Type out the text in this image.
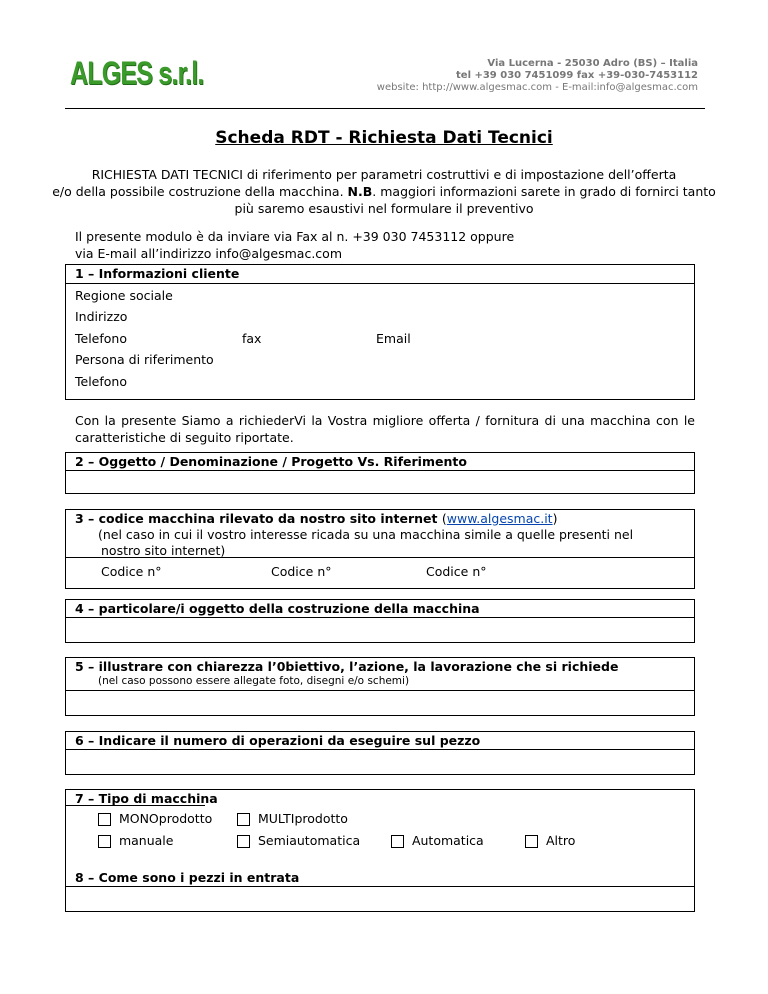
ALGES s.r.l.	Via Lucerna - 25030 Adro (BS) – Italia
tel +39 030 7451099 fax +39-030-7453112
website: http://www.algesmac.com - E-mail:info@algesmac.com
Scheda RDT - Richiesta Dati Tecnici
RICHIESTA DATI TECNICI di riferimento per parametri costruttivi e di impostazione dell’offerta
e/o della possibile costruzione della macchina. N.B. maggiori informazioni sarete in grado di fornirci tanto
più saremo esaustivi nel formulare il preventivo
Il presente modulo è da inviare via Fax al n. +39 030 7453112 oppure
via E-mail all’indirizzo info@algesmac.com
1 – Informazioni cliente
Regione sociale
Indirizzo
Telefono	fax	Email
Persona di riferimento
Telefono
Con la presente Siamo a richiederVi la Vostra migliore offerta / fornitura di una macchina con le caratteristiche di seguito riportate.
2 – Oggetto / Denominazione / Progetto Vs. Riferimento
3 – codice macchina rilevato da nostro sito internet (www.algesmac.it)
(nel caso in cui il vostro interesse ricada su una macchina simile a quelle presenti nel
nostro sito internet)
Codice n°	Codice n°	Codice n°
4 – particolare/i oggetto della costruzione della macchina
5 – illustrare con chiarezza l’0biettivo, l’azione, la lavorazione che si richiede
(nel caso possono essere allegate foto, disegni e/o schemi)
6 – Indicare il numero di operazioni da eseguire sul pezzo
7 – Tipo di macchina
MONOprodotto	MULTIprodotto
manuale	Semiautomatica	Automatica	Altro
8 – Come sono i pezzi in entrata
